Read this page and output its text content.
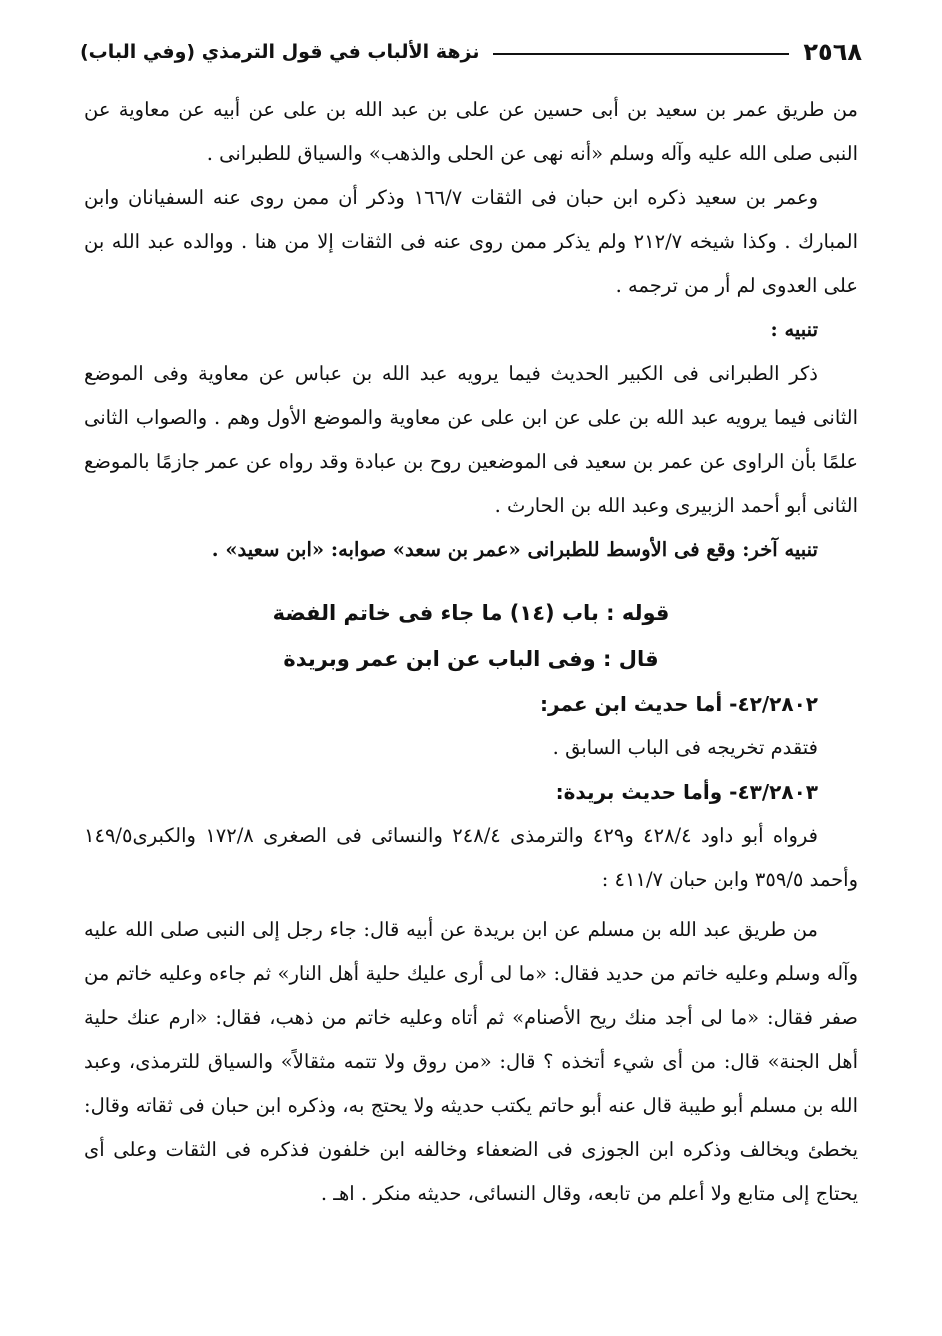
٢٥٦٨
نزهة الألباب في قول الترمذي (وفي الباب)

من طريق عمر بن سعيد بن أبى حسين عن على بن عبد الله بن على عن أبيه عن معاوية عن النبى صلى الله عليه وآله وسلم «أنه نهى عن الحلى والذهب» والسياق للطبرانى .

وعمر بن سعيد ذكره ابن حبان فى الثقات ١٦٦/٧ وذكر أن ممن روى عنه السفيانان وابن المبارك . وكذا شيخه ٢١٢/٧ ولم يذكر ممن روى عنه فى الثقات إلا من هنا . ووالده عبد الله بن على العدوى لم أر من ترجمه .

تنبيه :

ذكر الطبرانى فى الكبير الحديث فيما يرويه عبد الله بن عباس عن معاوية وفى الموضع الثانى فيما يرويه عبد الله بن على عن ابن على عن معاوية والموضع الأول وهم . والصواب الثانى علمًا بأن الراوى عن عمر بن سعيد فى الموضعين روح بن عبادة وقد رواه عن عمر جازمًا بالموضع الثانى أبو أحمد الزبيرى وعبد الله بن الحارث .

تنبيه آخر: وقع فى الأوسط للطبرانى «عمر بن سعد» صوابه: «ابن سعيد» .

قوله : باب (١٤) ما جاء فى خاتم الفضة

قال : وفى الباب عن ابن عمر وبريدة

٤٢/٢٨٠٢- أما حديث ابن عمر:

فتقدم تخريجه فى الباب السابق .

٤٣/٢٨٠٣- وأما حديث بريدة:

فرواه أبو داود ٤٢٨/٤ و٤٢٩ والترمذى ٢٤٨/٤ والنسائى فى الصغرى ١٧٢/٨ والكبرى١٤٩/٥ وأحمد ٣٥٩/٥ وابن حبان ٤١١/٧ :

من طريق عبد الله بن مسلم عن ابن بريدة عن أبيه قال: جاء رجل إلى النبى صلى الله عليه وآله وسلم وعليه خاتم من حديد فقال: «ما لى أرى عليك حلية أهل النار» ثم جاءه وعليه خاتم من صفر فقال: «ما لى أجد منك ريح الأصنام» ثم أتاه وعليه خاتم من ذهب، فقال: «ارم عنك حلية أهل الجنة» قال: من أى شيء أتخذه ؟ قال: «من روق ولا تتمه مثقالاً» والسياق للترمذى، وعبد الله بن مسلم أبو طيبة قال عنه أبو حاتم يكتب حديثه ولا يحتج به، وذكره ابن حبان فى ثقاته وقال: يخطئ ويخالف وذكره ابن الجوزى فى الضعفاء وخالفه ابن خلفون فذكره فى الثقات وعلى أى يحتاج إلى متابع ولا أعلم من تابعه، وقال النسائى، حديثه منكر . اهـ .
